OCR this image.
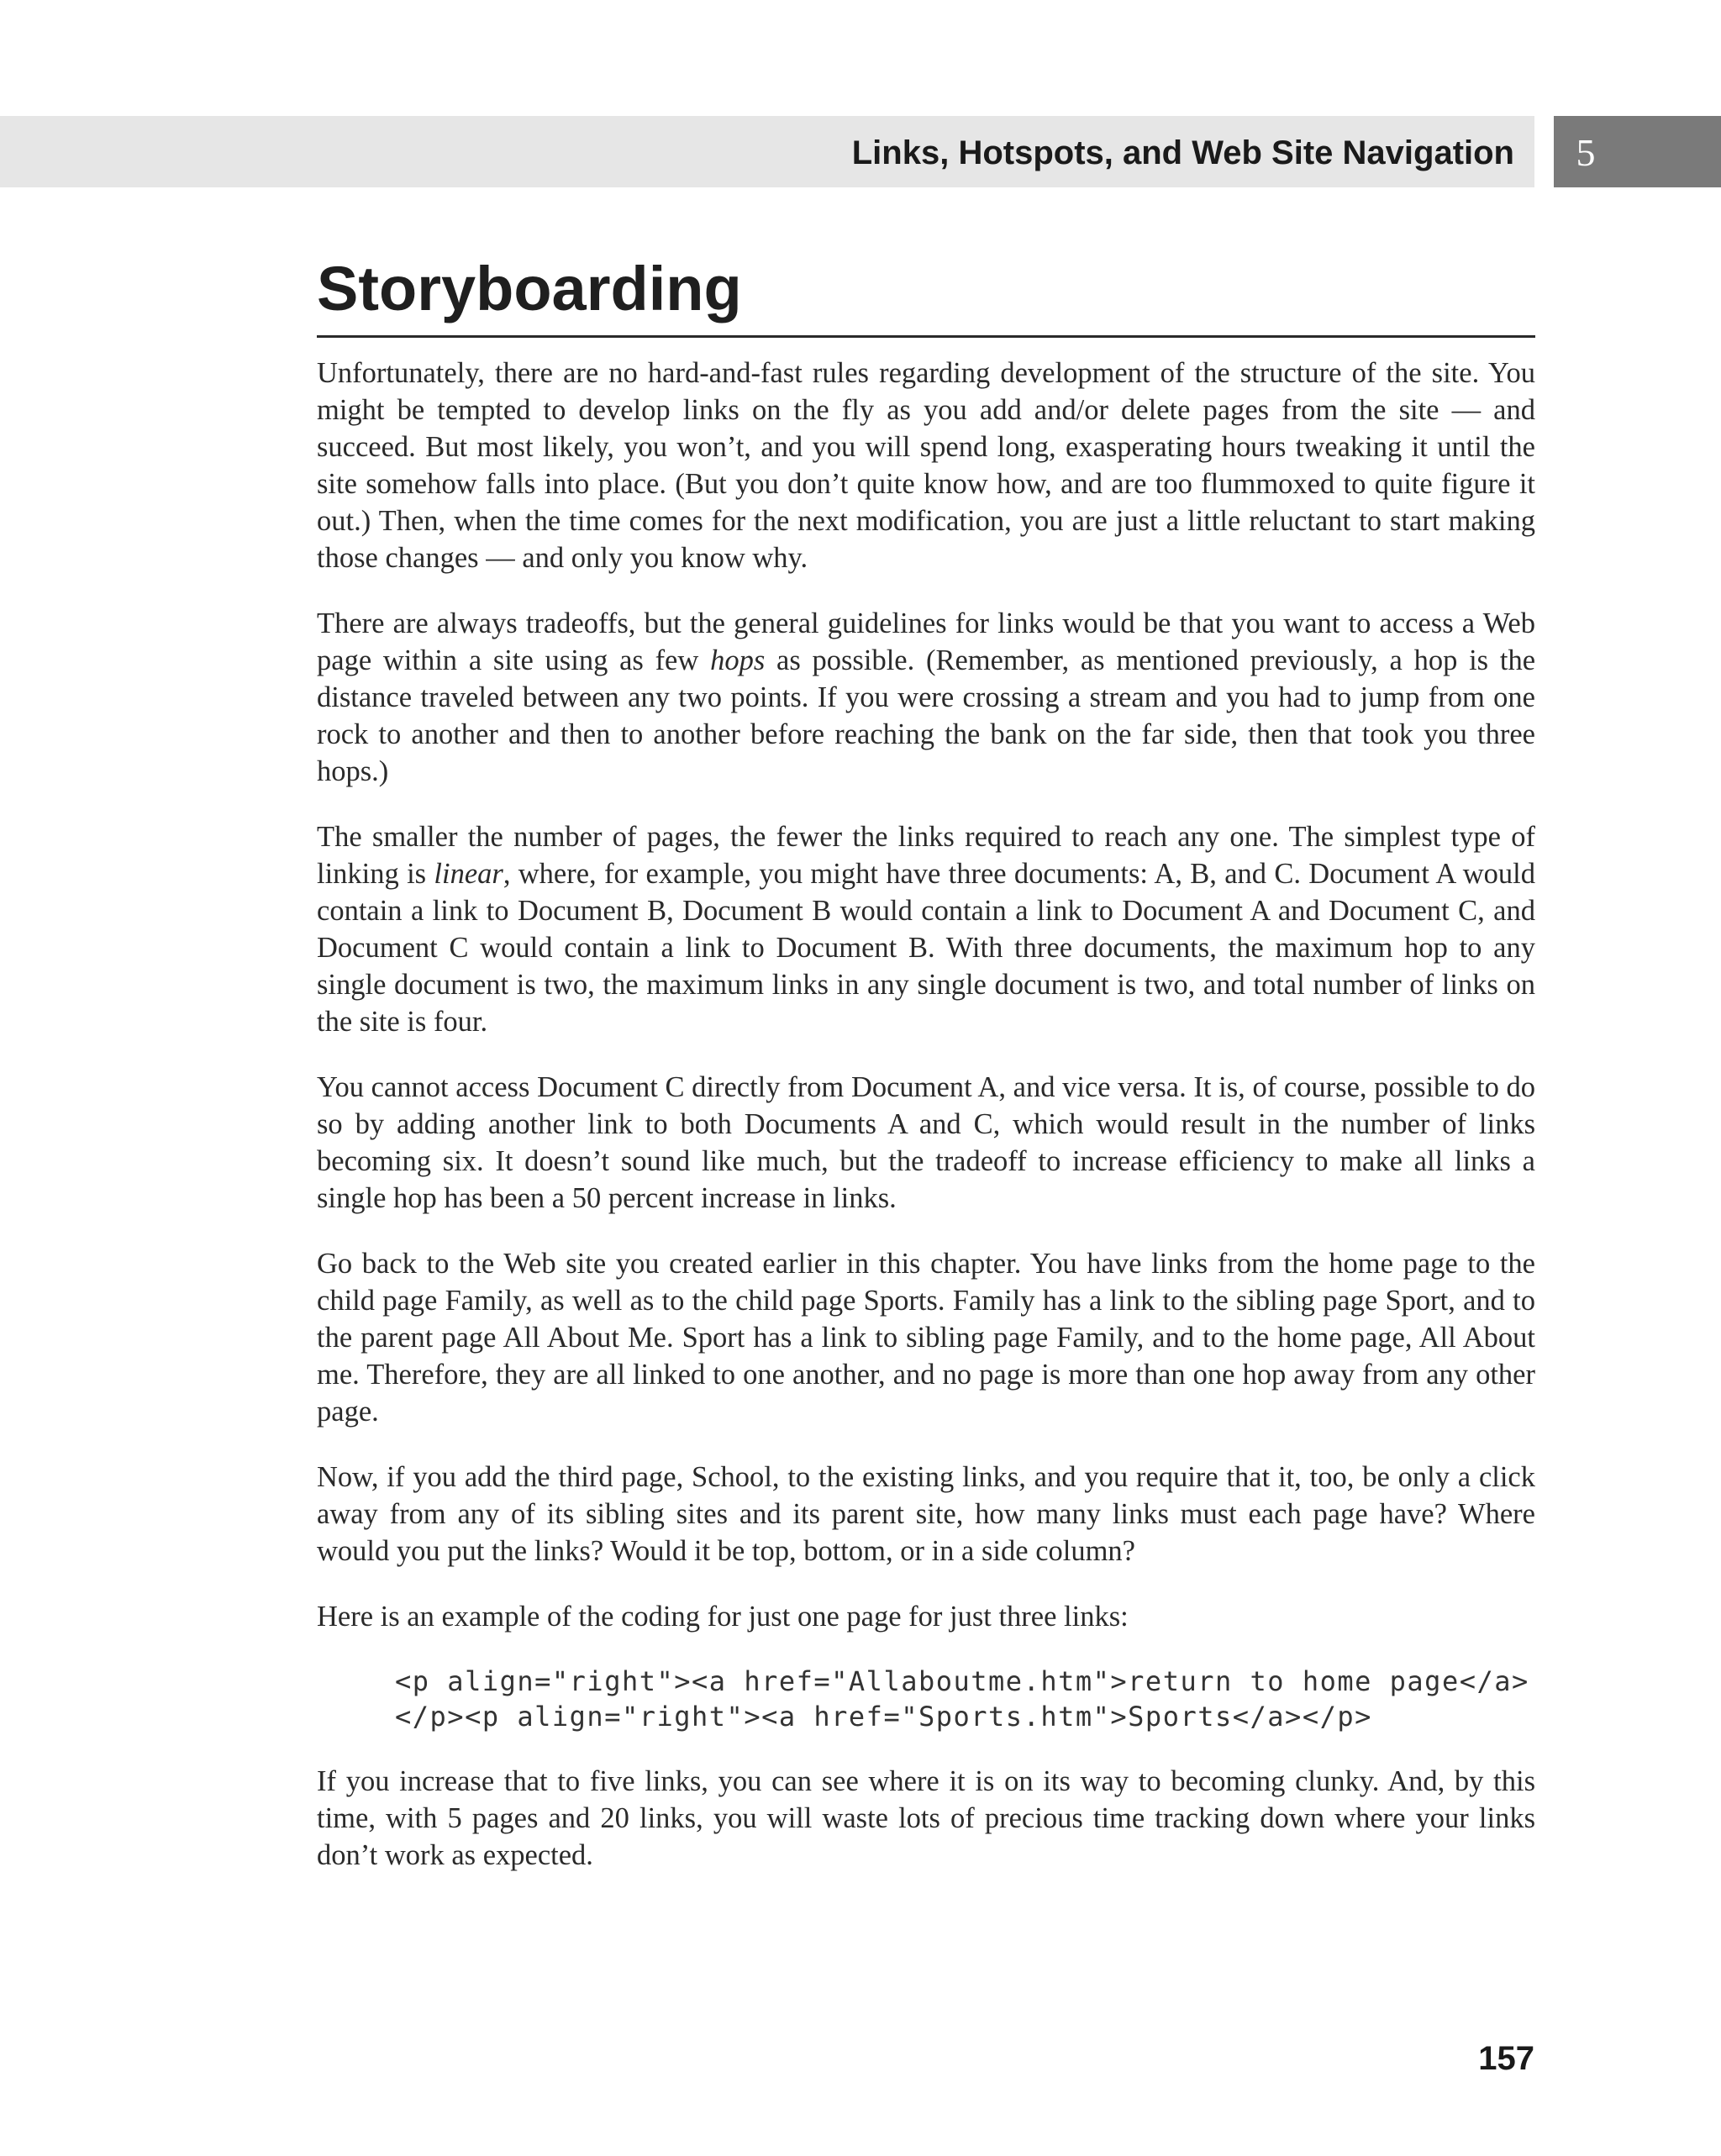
Links, Hotspots, and Web Site Navigation	5
Storyboarding

Unfortunately, there are no hard-and-fast rules regarding development of the structure of the site. You might be tempted to develop links on the fly as you add and/or delete pages from the site — and succeed. But most likely, you won’t, and you will spend long, exasperating hours tweaking it until the site somehow falls into place. (But you don’t quite know how, and are too flummoxed to quite figure it out.) Then, when the time comes for the next modification, you are just a little reluctant to start making those changes — and only you know why.

There are always tradeoffs, but the general guidelines for links would be that you want to access a Web page within a site using as few hops as possible. (Remember, as mentioned previously, a hop is the distance traveled between any two points. If you were crossing a stream and you had to jump from one rock to another and then to another before reaching the bank on the far side, then that took you three hops.)

The smaller the number of pages, the fewer the links required to reach any one. The simplest type of linking is linear, where, for example, you might have three documents: A, B, and C. Document A would contain a link to Document B, Document B would contain a link to Document A and Document C, and Document C would contain a link to Document B. With three documents, the maximum hop to any single document is two, the maximum links in any single document is two, and total number of links on the site is four.

You cannot access Document C directly from Document A, and vice versa. It is, of course, possible to do so by adding another link to both Documents A and C, which would result in the number of links becoming six. It doesn’t sound like much, but the tradeoff to increase efficiency to make all links a single hop has been a 50 percent increase in links.

Go back to the Web site you created earlier in this chapter. You have links from the home page to the child page Family, as well as to the child page Sports. Family has a link to the sibling page Sport, and to the parent page All About Me. Sport has a link to sibling page Family, and to the home page, All About me. Therefore, they are all linked to one another, and no page is more than one hop away from any other page.

Now, if you add the third page, School, to the existing links, and you require that it, too, be only a click away from any of its sibling sites and its parent site, how many links must each page have? Where would you put the links? Would it be top, bottom, or in a side column?

Here is an example of the coding for just one page for just three links:

<p align="right"><a href="Allaboutme.htm">return to home page</a>
</p><p align="right"><a href="Sports.htm">Sports</a></p>

If you increase that to five links, you can see where it is on its way to becoming clunky. And, by this time, with 5 pages and 20 links, you will waste lots of precious time tracking down where your links don’t work as expected.

157
